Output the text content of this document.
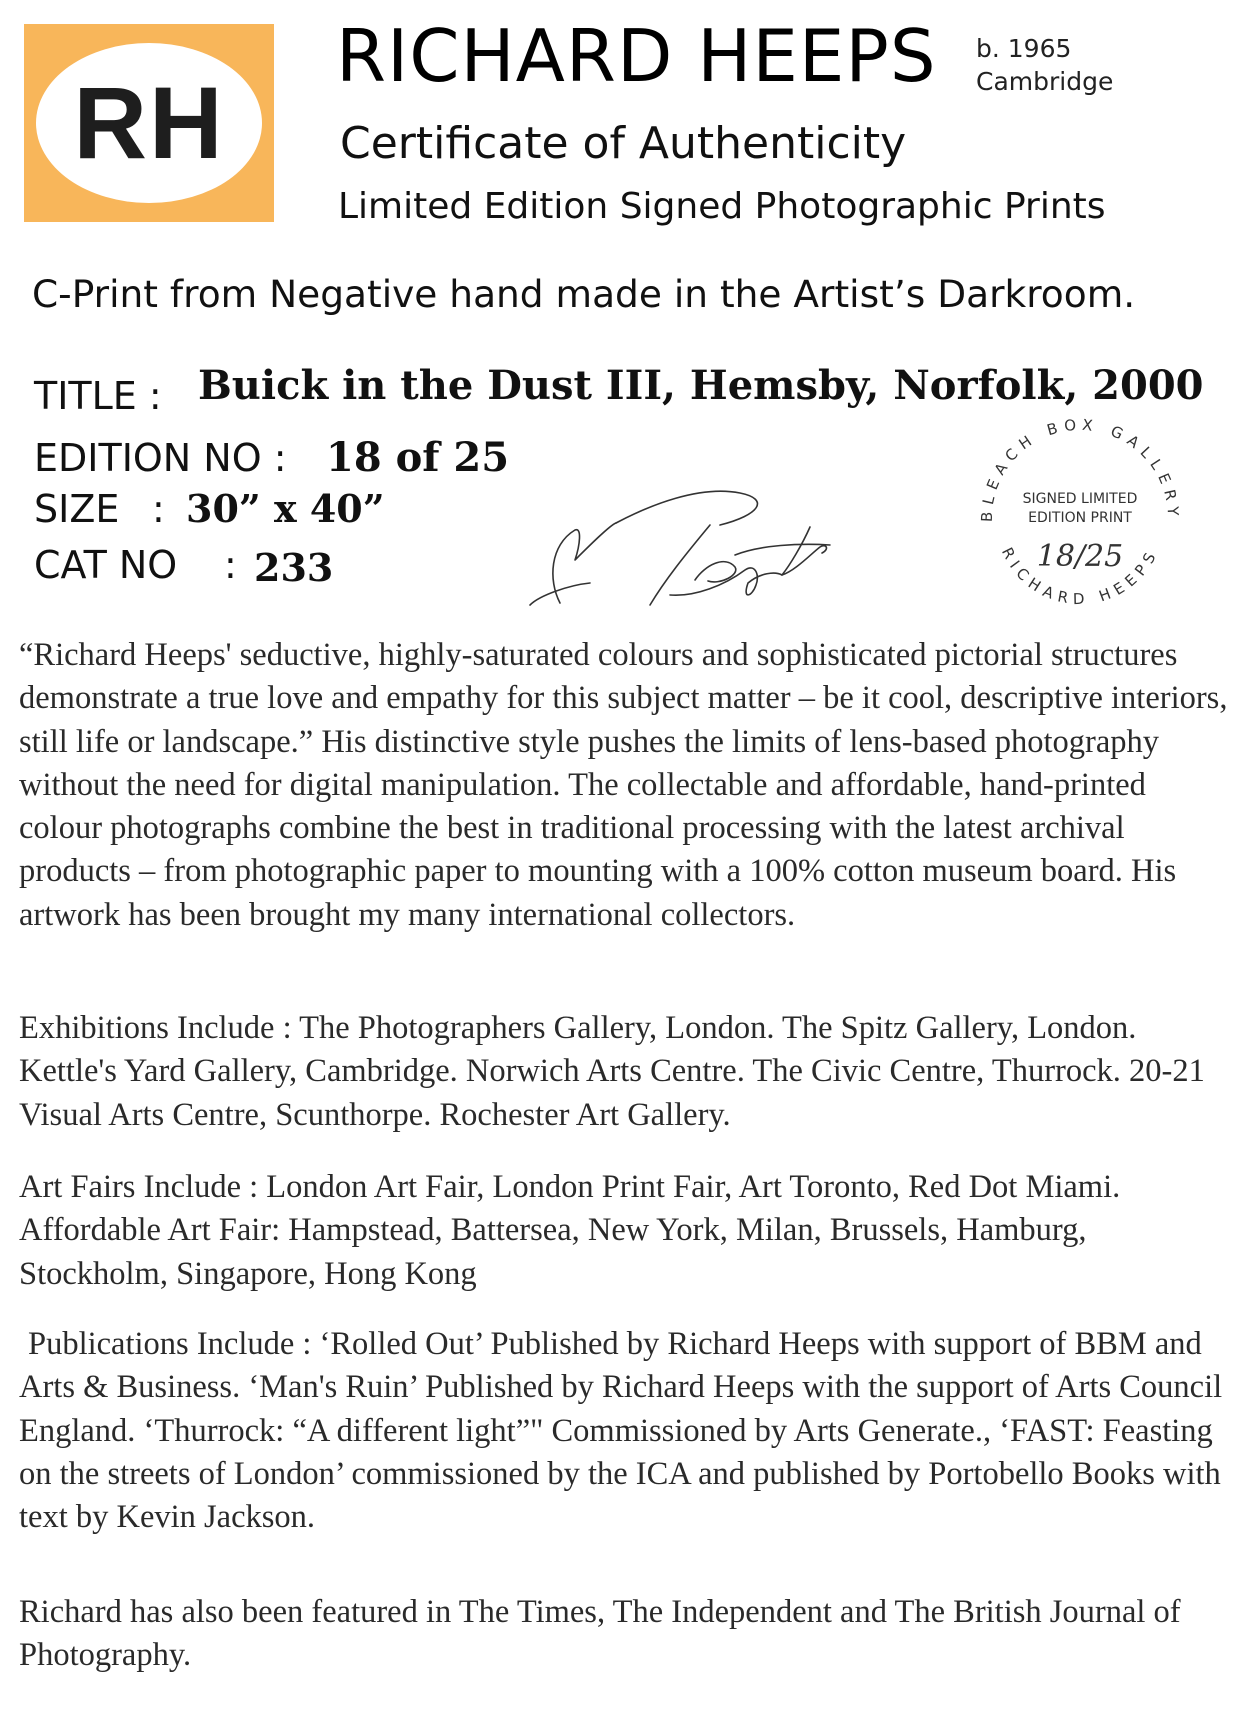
RH
RICHARD HEEPS b. 1965
Cambridge
Certificate of Authenticity
Limited Edition Signed Photographic Prints
C-Print from Negative hand made in the Artist’s Darkroom.
TITLE : Buick in the Dust III, Hemsby, Norfolk, 2000
EDITION NO : 18 of 25
SIZE : 30” x 40”
CAT NO : 233
BLEACH BOX GALLERY
RICHARD HEEPS
SIGNED LIMITED
EDITION PRINT
18/25

“Richard Heeps' seductive, highly-saturated colours and sophisticated pictorial structures demonstrate a true love and empathy for this subject matter – be it cool, descriptive interiors, still life or landscape.” His distinctive style pushes the limits of lens-based photography without the need for digital manipulation. The collectable and affordable, hand-printed colour photographs combine the best in traditional processing with the latest archival products – from photographic paper to mounting with a 100% cotton museum board. His artwork has been brought my many international collectors.

Exhibitions Include : The Photographers Gallery, London. The Spitz Gallery, London. Kettle's Yard Gallery, Cambridge. Norwich Arts Centre. The Civic Centre, Thurrock. 20-21 Visual Arts Centre, Scunthorpe. Rochester Art Gallery.

Art Fairs Include : London Art Fair, London Print Fair, Art Toronto, Red Dot Miami. Affordable Art Fair: Hampstead, Battersea, New York, Milan, Brussels, Hamburg, Stockholm, Singapore, Hong Kong

Publications Include : ‘Rolled Out’ Published by Richard Heeps with support of BBM and Arts & Business. ‘Man's Ruin’ Published by Richard Heeps with the support of Arts Council England. ‘Thurrock: “A different light”" Commissioned by Arts Generate., ‘FAST: Feasting on the streets of London’ commissioned by the ICA and published by Portobello Books with text by Kevin Jackson.

Richard has also been featured in The Times, The Independent and The British Journal of Photography.
